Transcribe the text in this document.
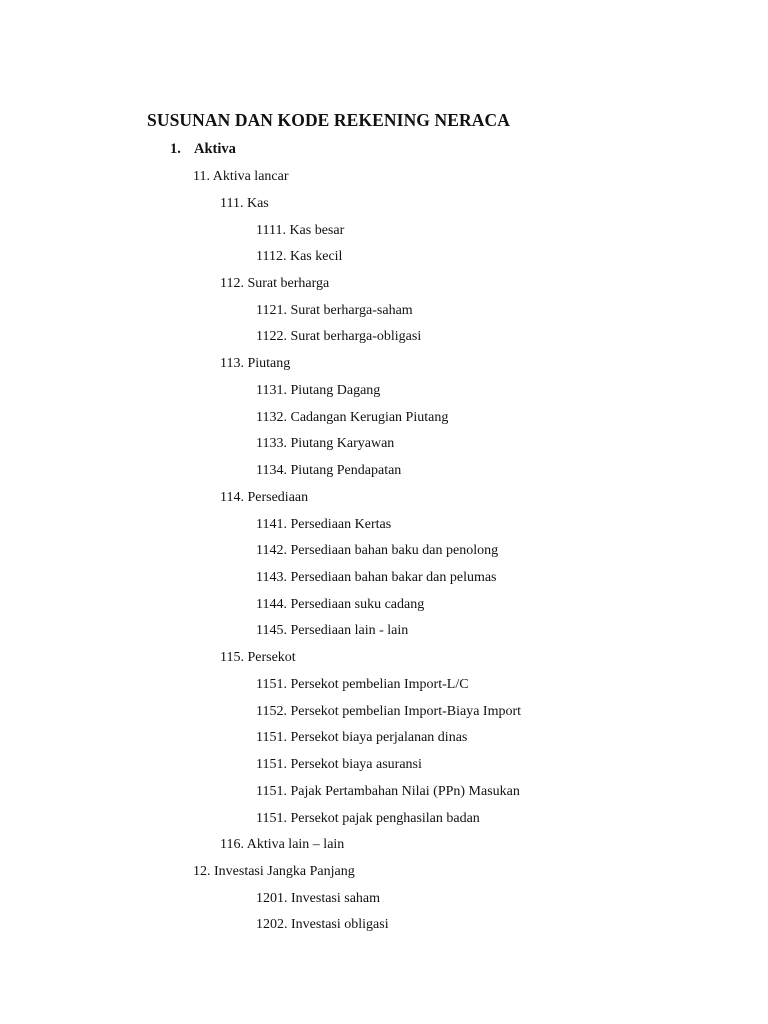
SUSUNAN DAN KODE REKENING NERACA
1. Aktiva
11. Aktiva lancar
111. Kas
1111. Kas besar
1112. Kas kecil
112. Surat berharga
1121. Surat berharga-saham
1122. Surat berharga-obligasi
113. Piutang
1131. Piutang Dagang
1132. Cadangan Kerugian Piutang
1133. Piutang Karyawan
1134. Piutang Pendapatan
114. Persediaan
1141. Persediaan Kertas
1142. Persediaan bahan baku dan penolong
1143. Persediaan bahan bakar dan pelumas
1144. Persediaan suku cadang
1145. Persediaan lain - lain
115. Persekot
1151. Persekot pembelian Import-L/C
1152. Persekot pembelian Import-Biaya Import
1151. Persekot biaya perjalanan dinas
1151. Persekot biaya asuransi
1151. Pajak Pertambahan Nilai (PPn) Masukan
1151. Persekot pajak penghasilan badan
116. Aktiva lain – lain
12. Investasi Jangka Panjang
1201. Investasi saham
1202. Investasi obligasi
